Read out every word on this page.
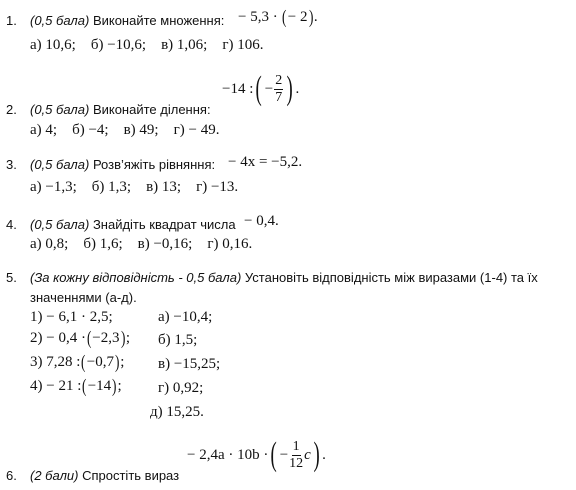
1. (0,5 бала) Виконайте множення: − 5,3 · (− 2).
а) 10,6; б) −10,6; в) 1,06; г) 106.
−14 : ( − $\frac{2}{7}$ ) .
2. (0,5 бала) Виконайте ділення:
а) 4; б) −4; в) 49; г) − 49.
3. (0,5 бала) Розв’яжіть рівняння: − 4x = −5,2.
а) −1,3; б) 1,3; в) 13; г) −13.
4. (0,5 бала) Знайдіть квадрат числа − 0,4.
а) 0,8; б) 1,6; в) −0,16; г) 0,16.
5. (За кожну відповідність - 0,5 бала) Установіть відповідність між виразами (1-4) та їх
значеннями (а-д).
1) − 6,1 · 2,5;
2) − 0,4 · ( −2,3 ) ;
3) 7,28 : ( −0,7 ) ;
4) − 21 : ( −14 ) ;
а) −10,4;
б) 1,5;
в) −15,25;
г) 0,92;
д) 15,25.
− 2,4a · 10b · ( − $\frac{1}{12}$ c ) .
6. (2 бали) Спростіть вираз
